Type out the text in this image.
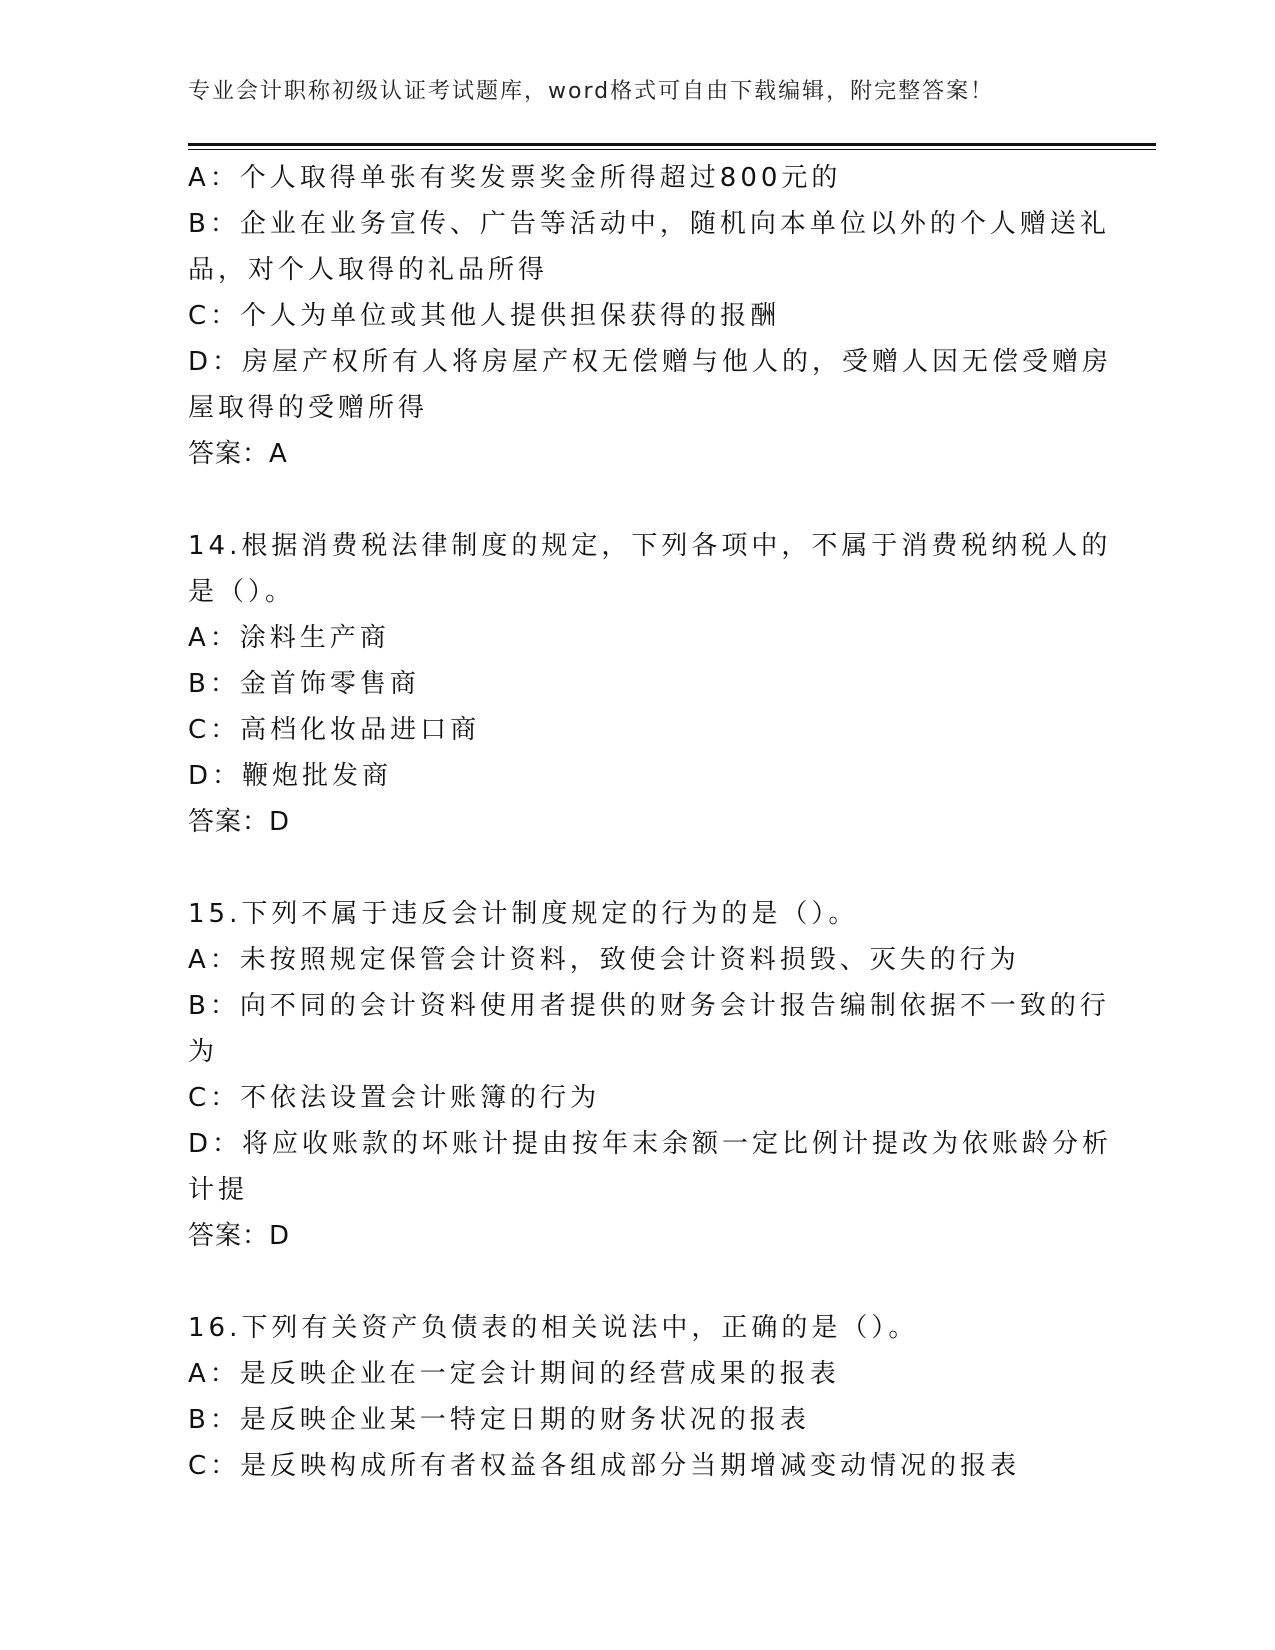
专业会计职称初级认证考试题库，word格式可自由下载编辑，附完整答案！
A：个人取得单张有奖发票奖金所得超过800元的
B：企业在业务宣传、广告等活动中，随机向本单位以外的个人赠送礼
品，对个人取得的礼品所得
C：个人为单位或其他人提供担保获得的报酬
D：房屋产权所有人将房屋产权无偿赠与他人的，受赠人因无偿受赠房
屋取得的受赠所得
答案：A
14.根据消费税法律制度的规定，下列各项中，不属于消费税纳税人的
是（）。
A：涂料生产商
B：金首饰零售商
C：高档化妆品进口商
D：鞭炮批发商
答案：D
15.下列不属于违反会计制度规定的行为的是（）。
A：未按照规定保管会计资料，致使会计资料损毁、灭失的行为
B：向不同的会计资料使用者提供的财务会计报告编制依据不一致的行
为
C：不依法设置会计账簿的行为
D：将应收账款的坏账计提由按年末余额一定比例计提改为依账龄分析
计提
答案：D
16.下列有关资产负债表的相关说法中，正确的是（）。
A：是反映企业在一定会计期间的经营成果的报表
B：是反映企业某一特定日期的财务状况的报表
C：是反映构成所有者权益各组成部分当期增减变动情况的报表
